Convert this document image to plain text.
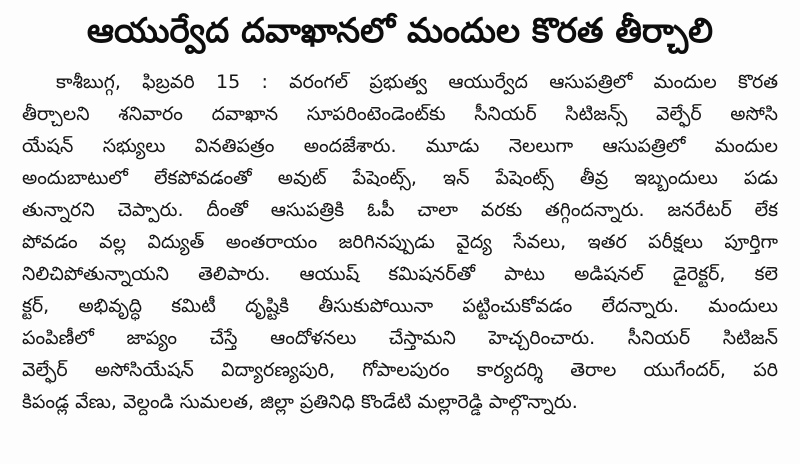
ఆయుర్వేద దవాఖానలో మందుల కొరత తీర్చాలి
కాశీబుగ్గ, ఫిబ్రవరి 15 : వరంగల్ ప్రభుత్వ ఆయుర్వేద ఆసుపత్రిలో మందుల కొరత
తీర్చాలని శనివారం దవాఖాన సూపరింటెండెంట్‌కు సీనియర్ సిటిజన్స్ వెల్ఫేర్ అసోసి
యేషన్ సభ్యులు వినతిపత్రం అందజేశారు. మూడు నెలలుగా ఆసుపత్రిలో మందుల
అందుబాటులో లేకపోవడంతో అవుట్ పేషెంట్స్, ఇన్ పేషెంట్స్ తీవ్ర ఇబ్బందులు పడు
తున్నారని చెప్పారు. దీంతో ఆసుపత్రికి ఓపీ చాలా వరకు తగ్గిందన్నారు. జనరేటర్ లేక
పోవడం వల్ల విద్యుత్ అంతరాయం జరిగినప్పుడు వైద్య సేవలు, ఇతర పరీక్షలు పూర్తిగా
నిలిచిపోతున్నాయని తెలిపారు. ఆయుష్ కమిషనర్‌తో పాటు అడిషనల్ డైరెక్టర్, కలె
క్టర్, అభివృద్ధి కమిటీ దృష్టికి తీసుకుపోయినా పట్టించుకోవడం లేదన్నారు. మందులు
పంపిణీలో జాప్యం చేస్తే ఆందోళనలు చేస్తామని హెచ్చరించారు. సీనియర్ సిటిజన్
వెల్ఫేర్ అసోసియేషన్ విద్యారణ్యపురి, గోపాలపురం కార్యదర్శి తెరాల యుగేందర్, పరి
కిపండ్ల వేణు, వెల్దండి సుమలత, జిల్లా ప్రతినిధి కొండేటి మల్లారెడ్డి పాల్గొన్నారు.
